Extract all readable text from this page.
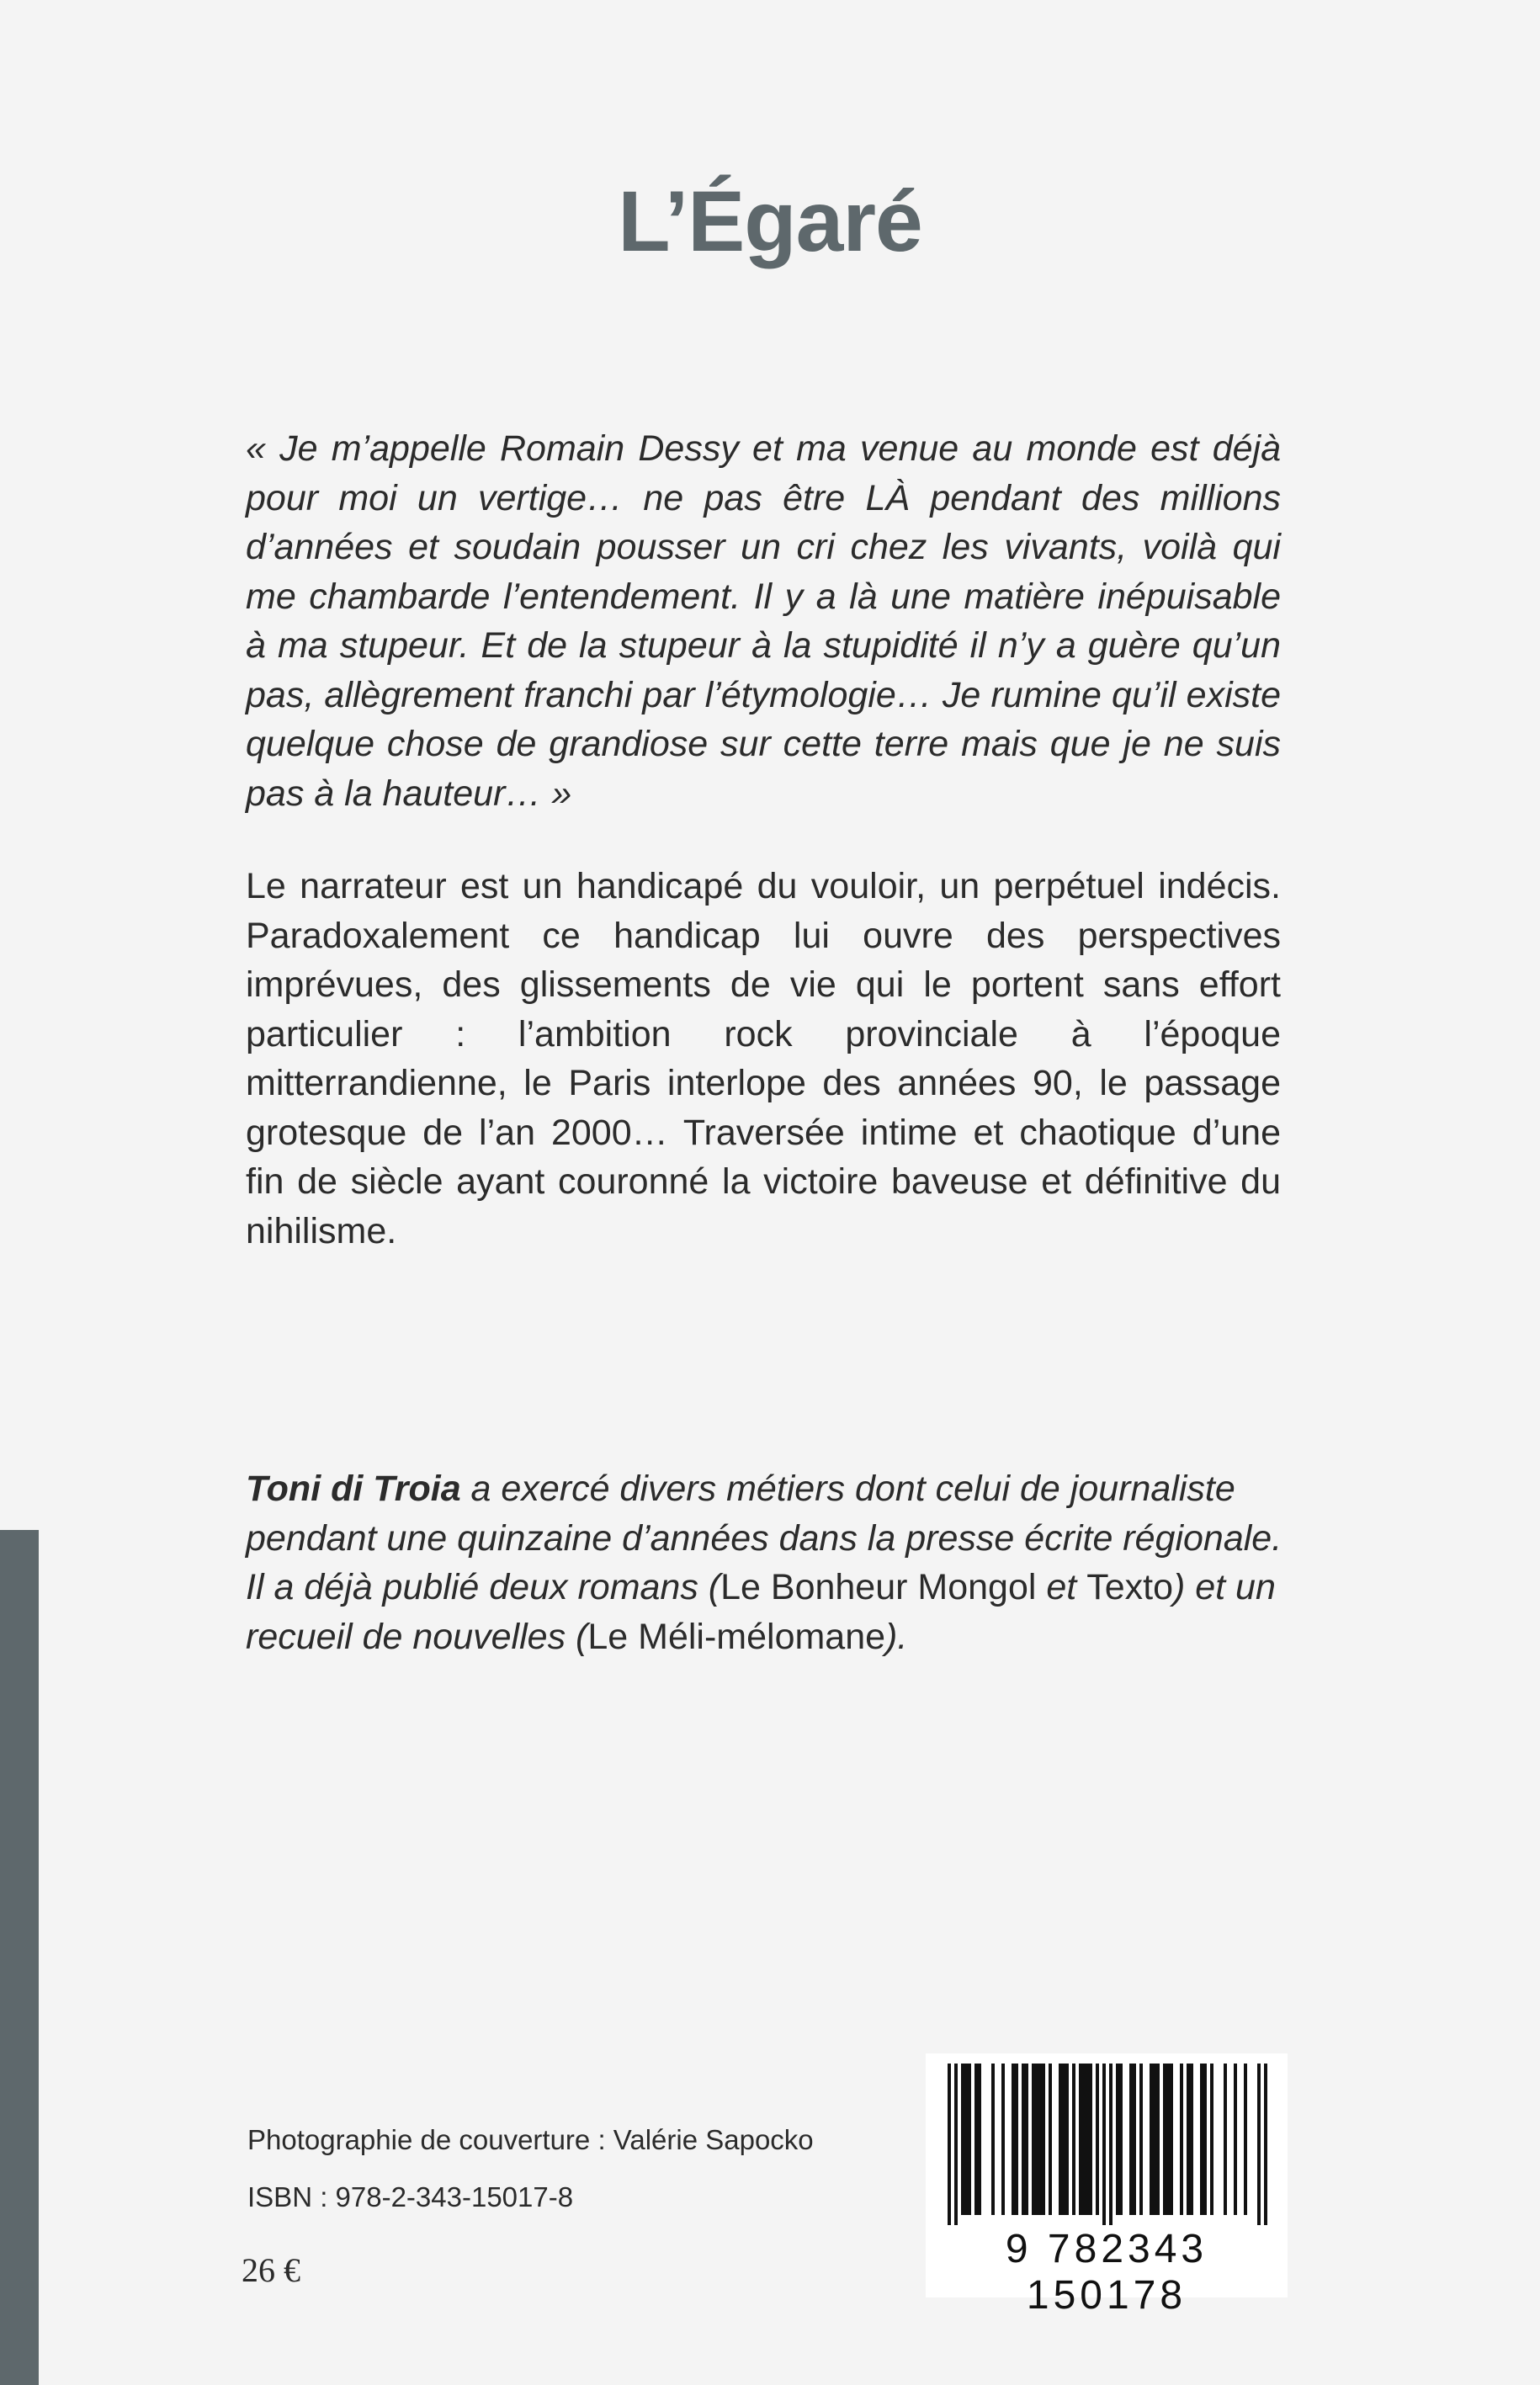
L’Égaré

« Je m’appelle Romain Dessy et ma venue au monde est déjà pour moi un vertige… ne pas être LÀ pendant des millions d’années et soudain pousser un cri chez les vivants, voilà qui me chambarde l’entendement. Il y a là une matière inépuisable à ma stupeur. Et de la stupeur à la stupidité il n’y a guère qu’un pas, allègrement franchi par l’étymologie… Je rumine qu’il existe quelque chose de grandiose sur cette terre mais que je ne suis pas à la hauteur… »

Le narrateur est un handicapé du vouloir, un perpétuel indécis. Paradoxalement ce handicap lui ouvre des perspectives imprévues, des glissements de vie qui le portent sans effort particulier : l’ambition rock provinciale à l’époque mitterrandienne, le Paris interlope des années 90, le passage grotesque de l’an 2000… Traversée intime et chaotique d’une fin de siècle ayant couronné la victoire baveuse et définitive du nihilisme.

Toni di Troia a exercé divers métiers dont celui de journaliste pendant une quinzaine d’années dans la presse écrite régionale. Il a déjà publié deux romans (Le Bonheur Mongol et Texto) et un recueil de nouvelles (Le Méli-mélomane).

Photographie de couverture : Valérie Sapocko

ISBN : 978-2-343-15017-8

26 €	9 782343 150178
